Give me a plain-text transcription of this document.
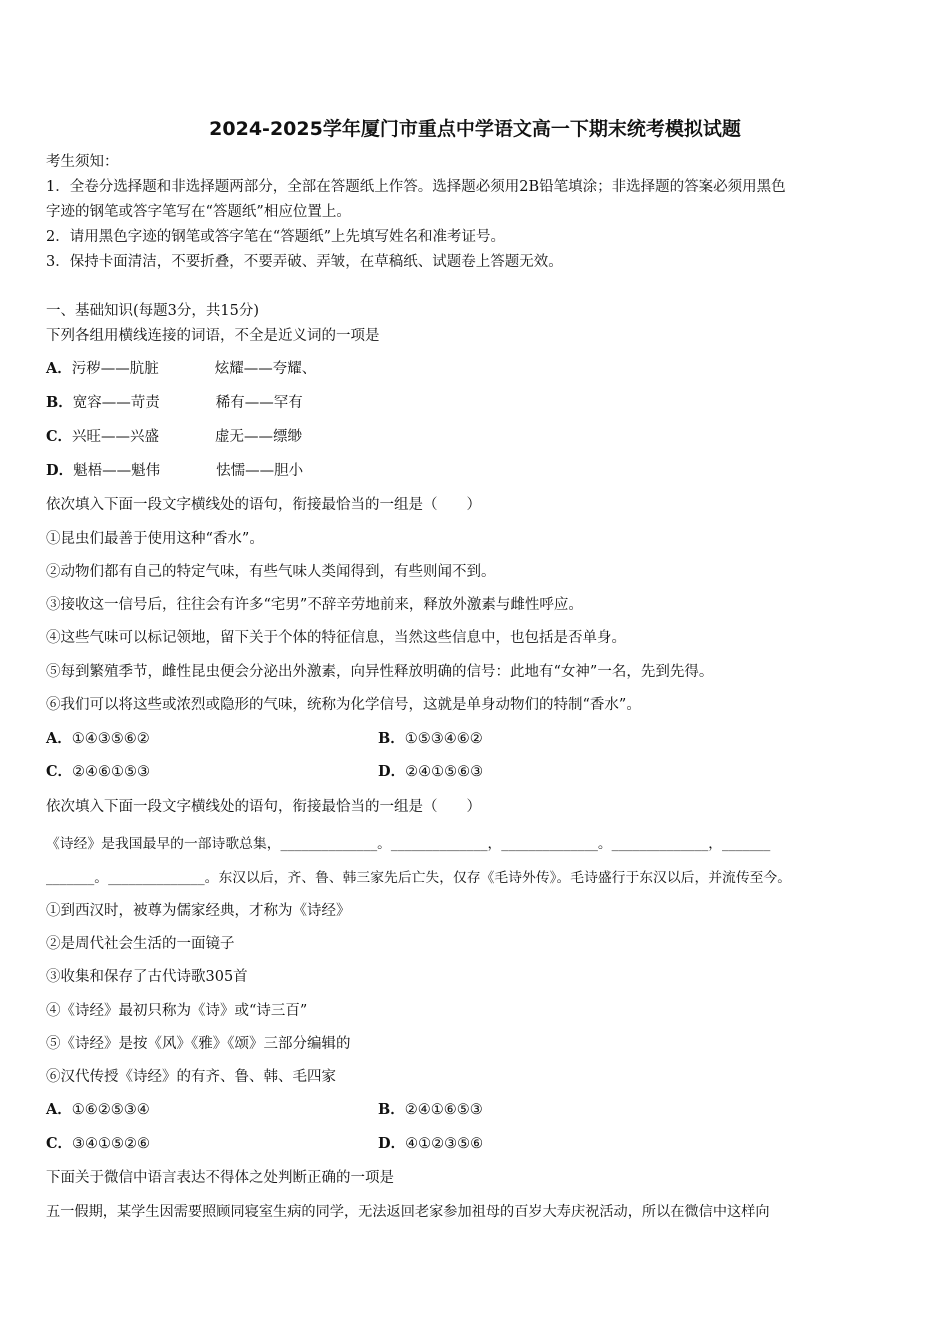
2024-2025学年厦门市重点中学语文高一下期末统考模拟试题
考生须知：
1．全卷分选择题和非选择题两部分，全部在答题纸上作答。选择题必须用2B铅笔填涂；非选择题的答案必须用黑色
字迹的钢笔或答字笔写在“答题纸”相应位置上。
2．请用黑色字迹的钢笔或答字笔在“答题纸”上先填写姓名和准考证号。
3．保持卡面清洁，不要折叠，不要弄破、弄皱，在草稿纸、试题卷上答题无效。
一、基础知识(每题3分，共15分)
下列各组用横线连接的词语，不全是近义词的一项是
A．污秽——肮脏	炫耀——夸耀、
B．宽容——苛责	稀有——罕有
C．兴旺——兴盛	虚无——缥缈
D．魁梧——魁伟	怯懦——胆小
依次填入下面一段文字横线处的语句，衔接最恰当的一组是（　　）
①昆虫们最善于使用这种“香水”。
②动物们都有自己的特定气味，有些气味人类闻得到，有些则闻不到。
③接收这一信号后，往往会有许多“宅男”不辞辛劳地前来，释放外激素与雌性呼应。
④这些气味可以标记领地，留下关于个体的特征信息，当然这些信息中，也包括是否单身。
⑤每到繁殖季节，雌性昆虫便会分泌出外激素，向异性释放明确的信号：此地有“女神”一名，先到先得。
⑥我们可以将这些或浓烈或隐形的气味，统称为化学信号，这就是单身动物们的特制“香水”。
A．①④③⑤⑥②	B．①⑤③④⑥②
C．②④⑥①⑤③	D．②④①⑤⑥③
依次填入下面一段文字横线处的语句，衔接最恰当的一组是（　　）
《诗经》是我国最早的一部诗歌总集，______________。______________，______________。______________，_______
_______。______________。东汉以后，齐、鲁、韩三家先后亡失，仅存《毛诗外传》。毛诗盛行于东汉以后，并流传至今。
①到西汉时，被尊为儒家经典，才称为《诗经》
②是周代社会生活的一面镜子
③收集和保存了古代诗歌305首
④《诗经》最初只称为《诗》或“诗三百”
⑤《诗经》是按《风》《雅》《颂》三部分编辑的
⑥汉代传授《诗经》的有齐、鲁、韩、毛四家
A．①⑥②⑤③④	B．②④①⑥⑤③
C．③④①⑤②⑥	D．④①②③⑤⑥
下面关于微信中语言表达不得体之处判断正确的一项是
五一假期，某学生因需要照顾同寝室生病的同学，无法返回老家参加祖母的百岁大寿庆祝活动，所以在微信中这样向
